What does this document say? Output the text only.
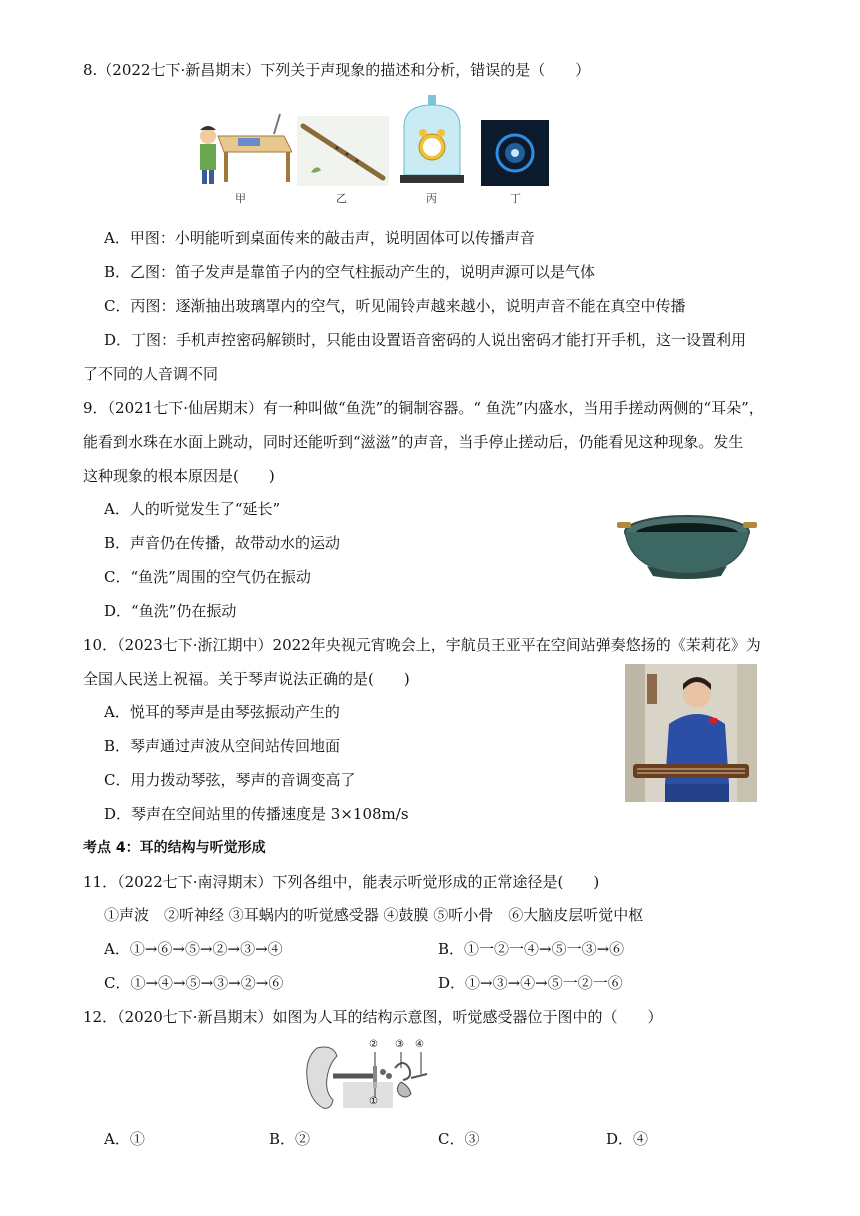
8.（2022七下·新昌期末）下列关于声现象的描述和分析，错误的是（　　）
甲	乙	丙	丁
A．甲图：小明能听到桌面传来的敲击声，说明固体可以传播声音
B．乙图：笛子发声是靠笛子内的空气柱振动产生的，说明声源可以是气体
C．丙图：逐渐抽出玻璃罩内的空气，听见闹铃声越来越小，说明声音不能在真空中传播
D．丁图：手机声控密码解锁时，只能由设置语音密码的人说出密码才能打开手机，这一设置利用
了不同的人音调不同
9．（2021七下·仙居期末）有一种叫做“鱼洗”的铜制容器。“ 鱼洗”内盛水，当用手搓动两侧的“耳朵”，
能看到水珠在水面上跳动，同时还能听到“滋滋”的声音，当手停止搓动后，仍能看见这种现象。发生
这种现象的根本原因是(　　)
A．人的听觉发生了“延长”
B．声音仍在传播，故带动水的运动
C．“鱼洗”周围的空气仍在振动
D．“鱼洗”仍在振动
10．（2023七下·浙江期中）2022年央视元宵晚会上，宇航员王亚平在空间站弹奏悠扬的《茉莉花》为
全国人民送上祝福。关于琴声说法正确的是(　　)
A．悦耳的琴声是由琴弦振动产生的
B．琴声通过声波从空间站传回地面
C．用力拨动琴弦，琴声的音调变高了
D．琴声在空间站里的传播速度是 3×108m/s
考点 4：耳的结构与听觉形成
11．（2022七下·南浔期末）下列各组中，能表示听觉形成的正常途径是(　　)
①声波　②听神经 ③耳蜗内的听觉感受器 ④鼓膜 ⑤听小骨　⑥大脑皮层听觉中枢
A．①→⑥→⑤→②→③→④	B．①一②一④→⑤一③→⑥
C．①→④→⑤→③→②→⑥	D．①→③→④→⑤一②一⑥
12．（2020七下·新昌期末）如图为人耳的结构示意图，听觉感受器位于图中的（　　）
①
② ③ ④
A．①	B．②	C．③	D．④
